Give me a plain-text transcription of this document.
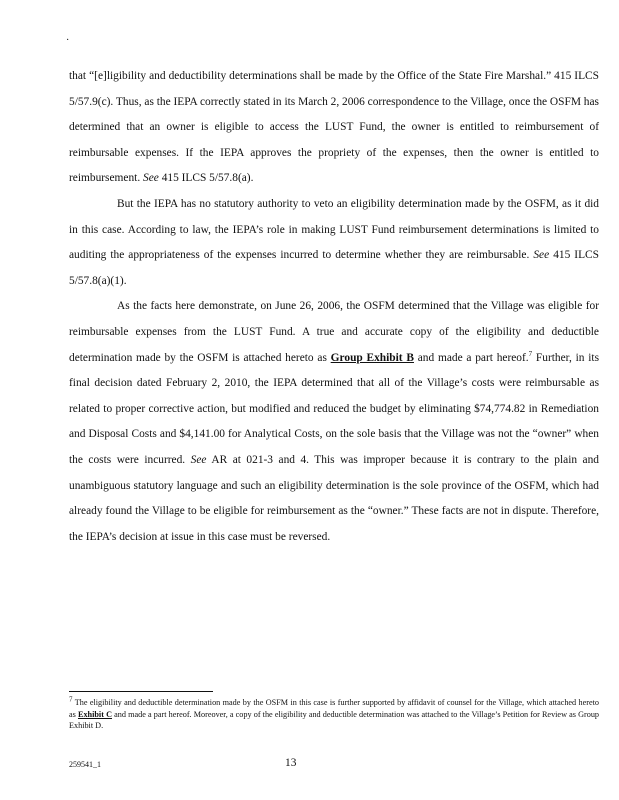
·

that “[e]ligibility and deductibility determinations shall be made by the Office of the State Fire Marshal.” 415 ILCS 5/57.9(c). Thus, as the IEPA correctly stated in its March 2, 2006 correspondence to the Village, once the OSFM has determined that an owner is eligible to access the LUST Fund, the owner is entitled to reimbursement of reimbursable expenses. If the IEPA approves the propriety of the expenses, then the owner is entitled to reimbursement. See 415 ILCS 5/57.8(a).

But the IEPA has no statutory authority to veto an eligibility determination made by the OSFM, as it did in this case. According to law, the IEPA’s role in making LUST Fund reimbursement determinations is limited to auditing the appropriateness of the expenses incurred to determine whether they are reimbursable. See 415 ILCS 5/57.8(a)(1).

As the facts here demonstrate, on June 26, 2006, the OSFM determined that the Village was eligible for reimbursable expenses from the LUST Fund. A true and accurate copy of the eligibility and deductible determination made by the OSFM is attached hereto as Group Exhibit B and made a part hereof.$^7$ Further, in its final decision dated February 2, 2010, the IEPA determined that all of the Village’s costs were reimbursable as related to proper corrective action, but modified and reduced the budget by eliminating $74,774.82 in Remediation and Disposal Costs and $4,141.00 for Analytical Costs, on the sole basis that the Village was not the “owner” when the costs were incurred. See AR at 021-3 and 4. This was improper because it is contrary to the plain and unambiguous statutory language and such an eligibility determination is the sole province of the OSFM, which had already found the Village to be eligible for reimbursement as the “owner.” These facts are not in dispute. Therefore, the IEPA’s decision at issue in this case must be reversed.

$^7$ The eligibility and deductible determination made by the OSFM in this case is further supported by affidavit of counsel for the Village, which attached hereto as Exhibit C and made a part hereof. Moreover, a copy of the eligibility and deductible determination was attached to the Village’s Petition for Review as Group Exhibit D.
259541_1	13
